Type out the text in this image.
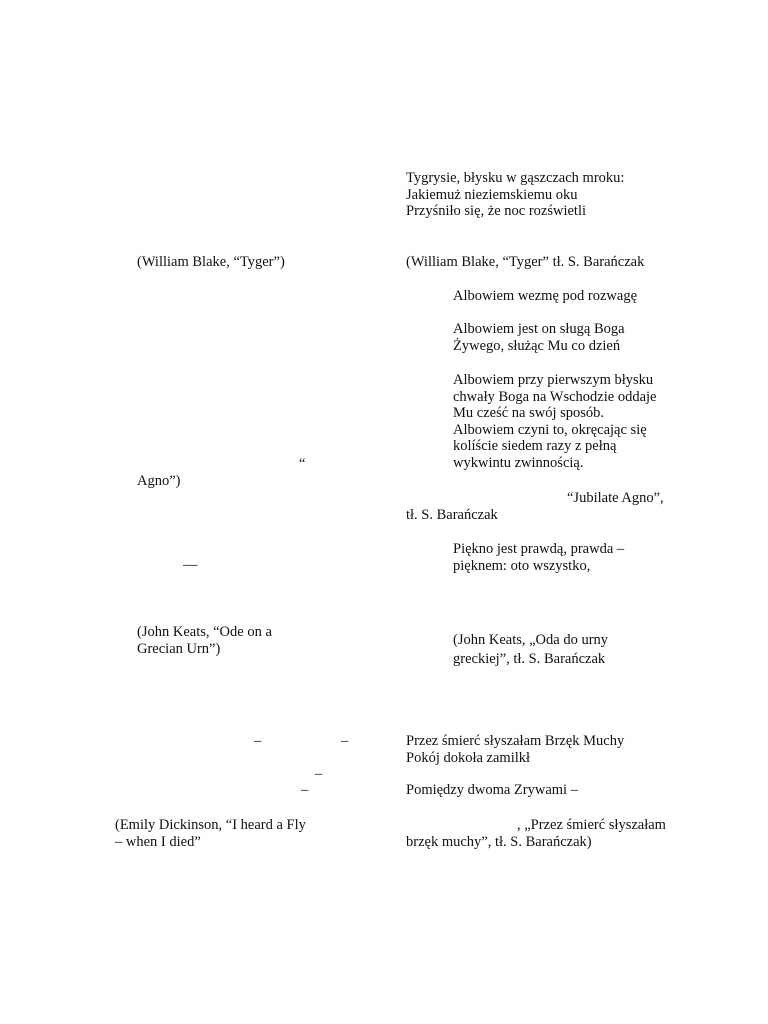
Tygrysie, błysku w gąszczach mroku:
Jakiemuż nieziemskiemu oku
Przyśniło się, że noc rozświetli
(William Blake, “Tyger”)	(William Blake, “Tyger” tł. S. Barańczak
Albowiem wezmę pod rozwagę
Albowiem jest on sługą Boga
Żywego, służąc Mu co dzień
Albowiem przy pierwszym błysku
chwały Boga na Wschodzie oddaje
Mu cześć na swój sposób.
Albowiem czyni to, okręcając się
kolíście siedem razy z pełną
wykwintu zwinnością.
“
Agno”)
“Jubilate Agno”,
tł. S. Barańczak
Piękno jest prawdą, prawda –
pięknem: oto wszystko,
—
(John Keats, “Ode on a
Grecian Urn”)
(John Keats, „Oda do urny
greckiej”, tł. S. Barańczak
–	–
–
–
Przez śmierć słyszałam Brzęk Muchy
Pokój dokoła zamilkł
Pomiędzy dwoma Zrywami –
(Emily Dickinson, “I heard a Fly
– when I died”
, „Przez śmierć słyszałam
brzęk muchy”, tł. S. Barańczak)
